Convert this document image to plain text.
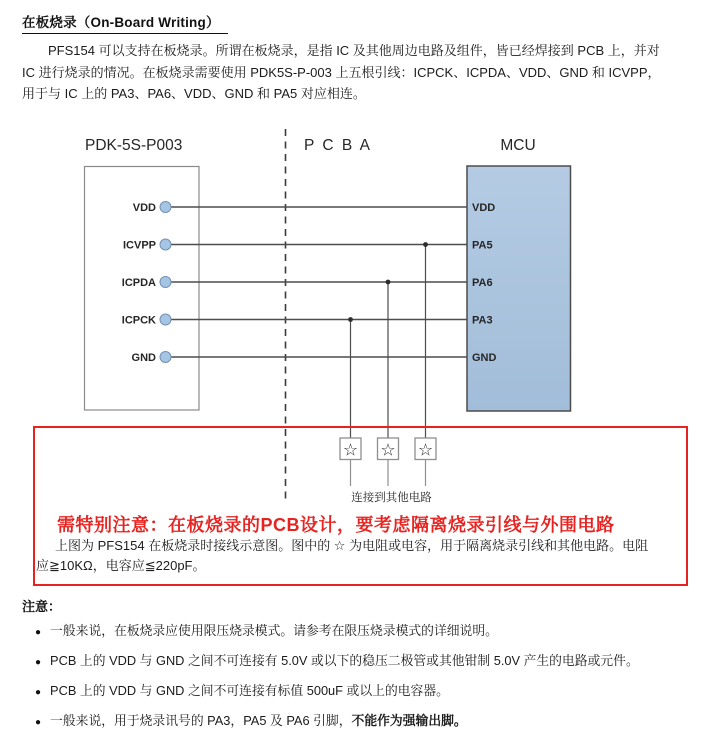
在板烧录（On-Board Writing）
PFS154 可以支持在板烧录。所谓在板烧录，是指 IC 及其他周边电路及组件，皆已经焊接到 PCB 上，并对
IC 进行烧录的情况。在板烧录需要使用 PDK5S-P-003 上五根引线：ICPCK、ICPDA、VDD、GND 和 ICVPP，
用于与 IC 上的 PA3、PA6、VDD、GND 和 PA5 对应相连。
PDK-5S-P003	P C B A	MCU
VDD
ICVPP
ICPDA
ICPCK
GND
☆ ☆ ☆
连接到其他电路
VDD
PA5
PA6
PA3
GND
需特别注意：在板烧录的PCB设计，要考虑隔离烧录引线与外围电路
上图为 PFS154 在板烧录时接线示意图。图中的 ☆ 为电阻或电容，用于隔离烧录引线和其他电路。电阻
应≧10KΩ，电容应≦220pF。
注意：
● 一般来说，在板烧录应使用限压烧录模式。请参考在限压烧录模式的详细说明。
● PCB 上的 VDD 与 GND 之间不可连接有 5.0V 或以下的稳压二极管或其他钳制 5.0V 产生的电路或元件。
● PCB 上的 VDD 与 GND 之间不可连接有标值 500uF 或以上的电容器。
● 一般来说，用于烧录讯号的 PA3，PA5 及 PA6 引脚，不能作为强输出脚。
